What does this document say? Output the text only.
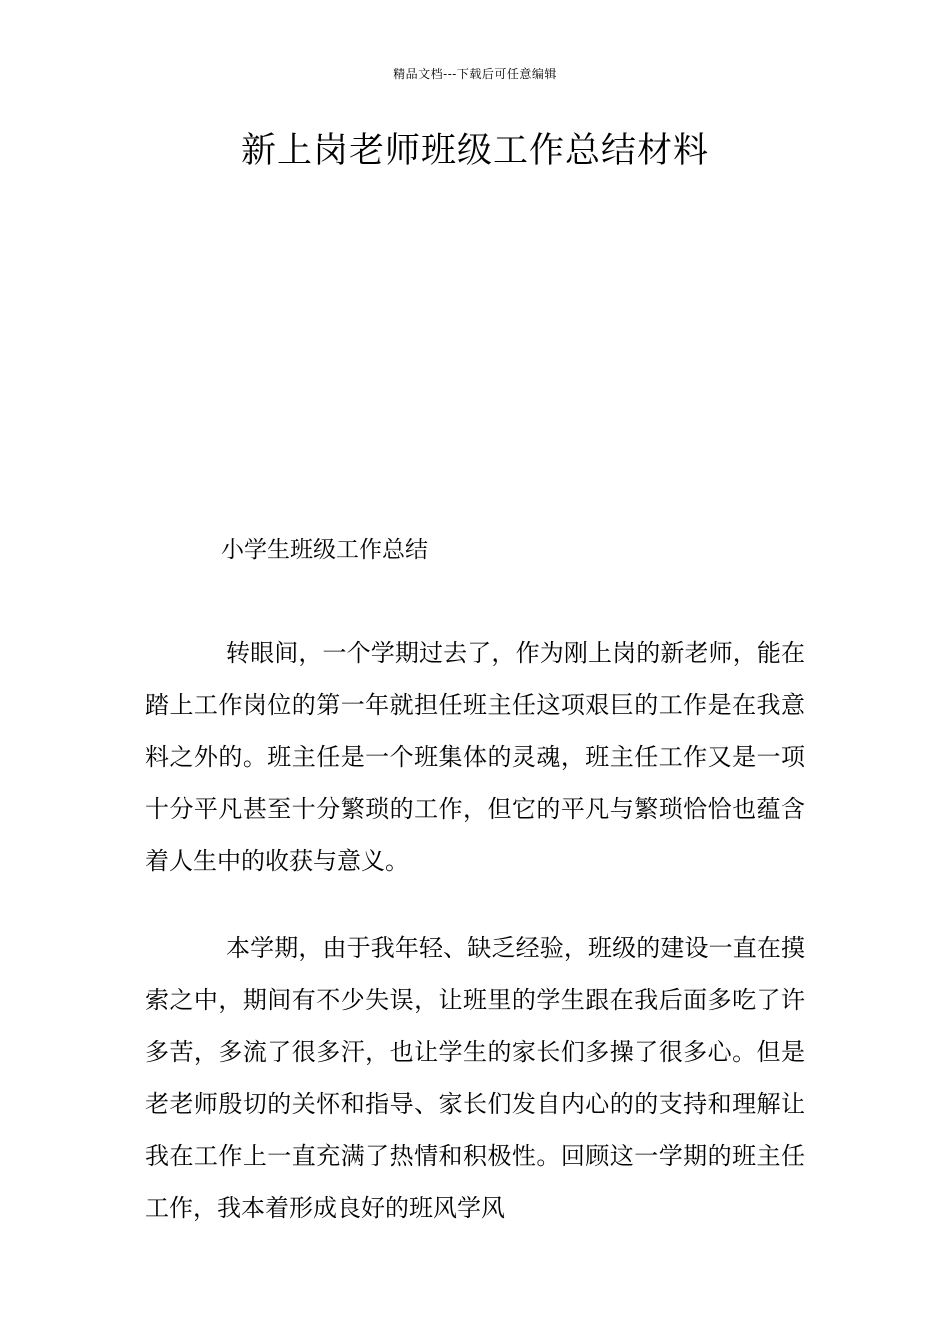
精品文档---下载后可任意编辑
新上岗老师班级工作总结材料
小学生班级工作总结

转眼间，一个学期过去了，作为刚上岗的新老师，能在踏上工作岗位的第一年就担任班主任这项艰巨的工作是在我意料之外的。班主任是一个班集体的灵魂，班主任工作又是一项十分平凡甚至十分繁琐的工作，但它的平凡与繁琐恰恰也蕴含着人生中的收获与意义。

本学期，由于我年轻、缺乏经验，班级的建设一直在摸索之中，期间有不少失误，让班里的学生跟在我后面多吃了许多苦，多流了很多汗，也让学生的家长们多操了很多心。但是老老师殷切的关怀和指导、家长们发自内心的的支持和理解让我在工作上一直充满了热情和积极性。回顾这一学期的班主任工作，我本着形成良好的班风学风
